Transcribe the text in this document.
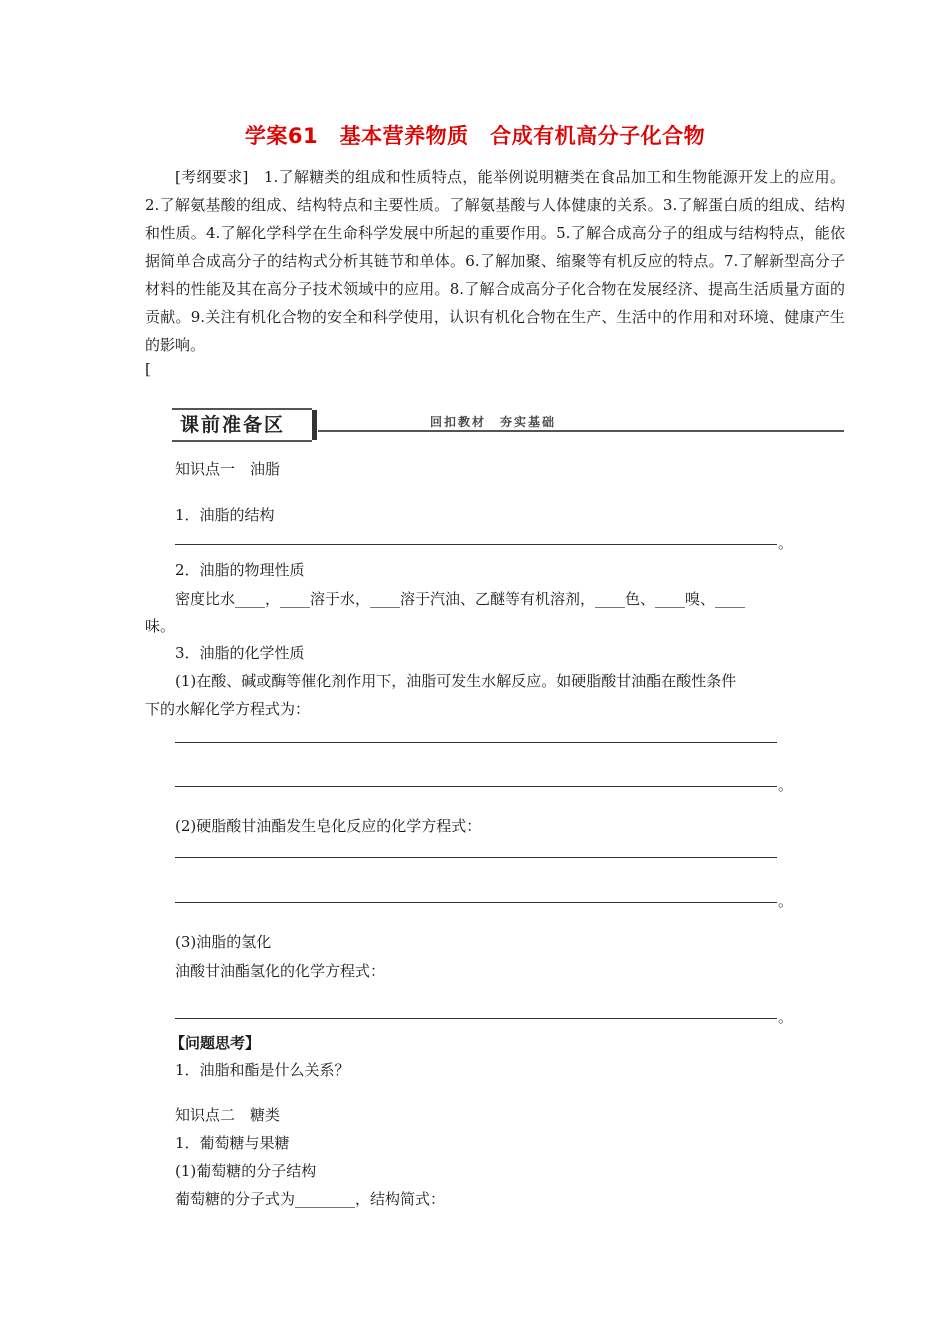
学案61　基本营养物质　合成有机高分子化合物
[考纲要求]　1.了解糖类的组成和性质特点，能举例说明糖类在食品加工和生物能源开发上的应用。2.了解氨基酸的组成、结构特点和主要性质。了解氨基酸与人体健康的关系。3.了解蛋白质的组成、结构和性质。4.了解化学科学在生命科学发展中所起的重要作用。5.了解合成高分子的组成与结构特点，能依据简单合成高分子的结构式分析其链节和单体。6.了解加聚、缩聚等有机反应的特点。7.了解新型高分子材料的性能及其在高分子技术领域中的应用。8.了解合成高分子化合物在发展经济、提高生活质量方面的贡献。9.关注有机化合物的安全和科学使用，认识有机化合物在生产、生活中的作用和对环境、健康产生的影响。
[
课前准备区	回扣教材　夯实基础
知识点一　油脂
1．油脂的结构
。
2．油脂的物理性质
密度比水____，____溶于水，____溶于汽油、乙醚等有机溶剂，____色、____嗅、____
味。
3．油脂的化学性质
(1)在酸、碱或酶等催化剂作用下，油脂可发生水解反应。如硬脂酸甘油酯在酸性条件
下的水解化学方程式为：
。
(2)硬脂酸甘油酯发生皂化反应的化学方程式：
。
(3)油脂的氢化
油酸甘油酯氢化的化学方程式：
。
【问题思考】
1．油脂和酯是什么关系？
知识点二　糖类
1．葡萄糖与果糖
(1)葡萄糖的分子结构
葡萄糖的分子式为________，结构简式：
